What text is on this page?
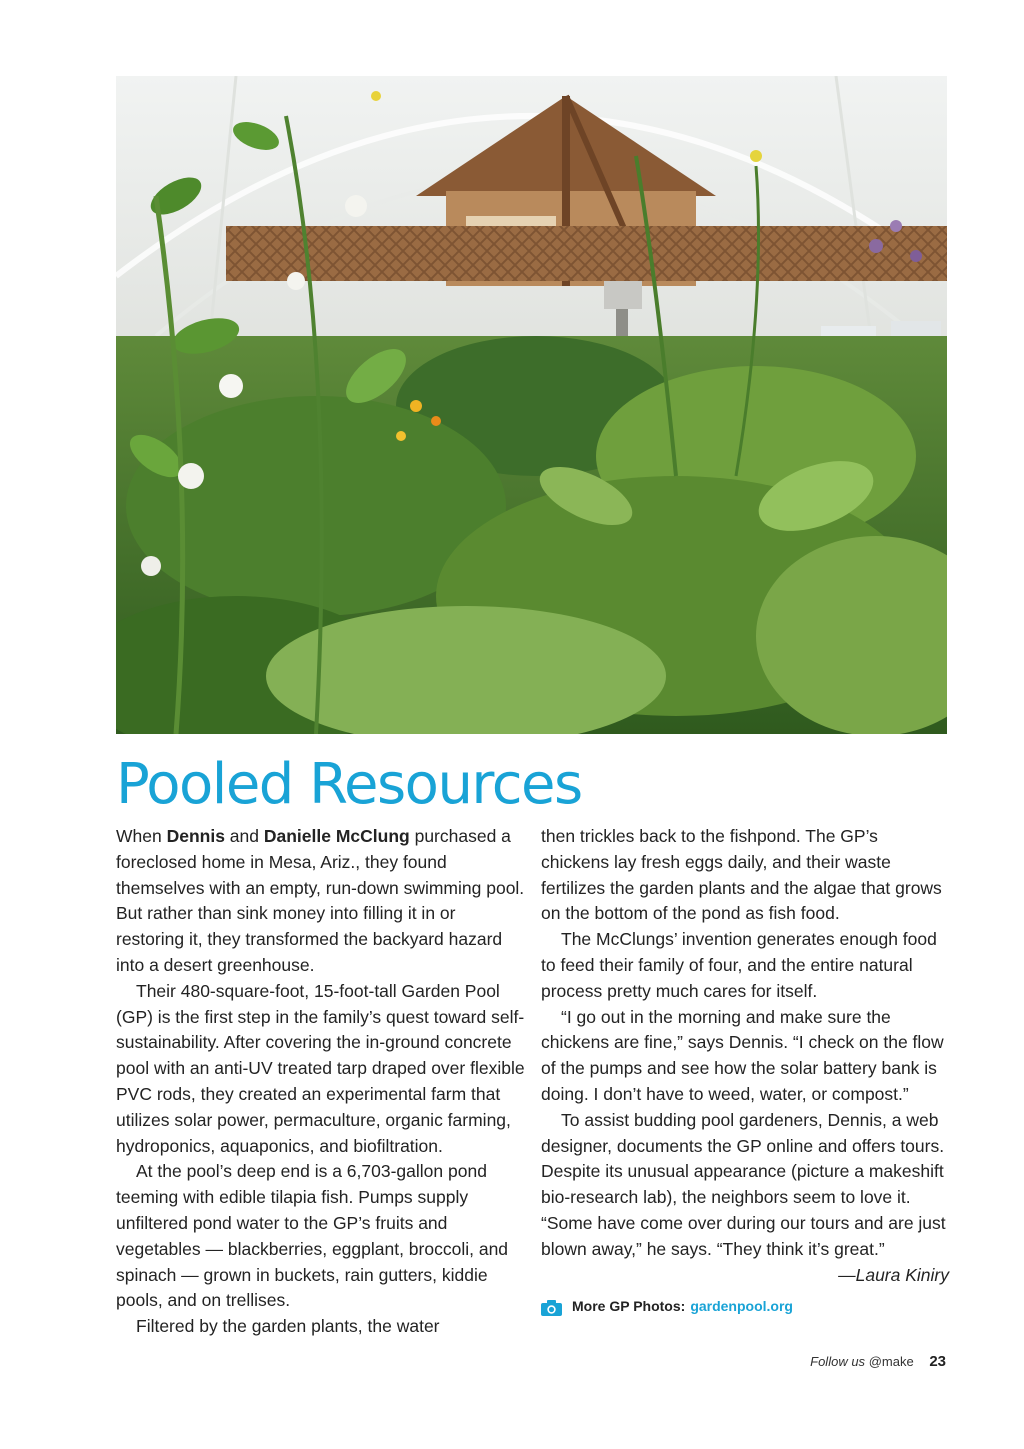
Pooled Resources

When Dennis and Danielle McClung purchased a foreclosed home in Mesa, Ariz., they found themselves with an empty, run-down swimming pool. But rather than sink money into filling it in or restoring it, they transformed the backyard hazard into a desert greenhouse.

Their 480-square-foot, 15-foot-tall Garden Pool (GP) is the first step in the family’s quest toward self-sustainability. After covering the in-ground concrete pool with an anti-UV treated tarp draped over flexible PVC rods, they created an experimental farm that utilizes solar power, permaculture, organic farming, hydroponics, aquaponics, and biofiltration.

At the pool’s deep end is a 6,703-gallon pond teeming with edible tilapia fish. Pumps supply unfiltered pond water to the GP’s fruits and vegetables — blackberries, eggplant, broccoli, and spinach — grown in buckets, rain gutters, kiddie pools, and on trellises.

Filtered by the garden plants, the water

then trickles back to the fishpond. The GP’s chickens lay fresh eggs daily, and their waste fertilizes the garden plants and the algae that grows on the bottom of the pond as fish food.

The McClungs’ invention generates enough food to feed their family of four, and the entire natural process pretty much cares for itself.

“I go out in the morning and make sure the chickens are fine,” says Dennis. “I check on the flow of the pumps and see how the solar battery bank is doing. I don’t have to weed, water, or compost.”

To assist budding pool gardeners, Dennis, a web designer, documents the GP online and offers tours. Despite its unusual appearance (picture a makeshift bio-research lab), the neighbors seem to love it. “Some have come over during our tours and are just blown away,” he says. “They think it’s great.”

—Laura Kiniry

More GP Photos: gardenpool.org

Follow us @make 23
